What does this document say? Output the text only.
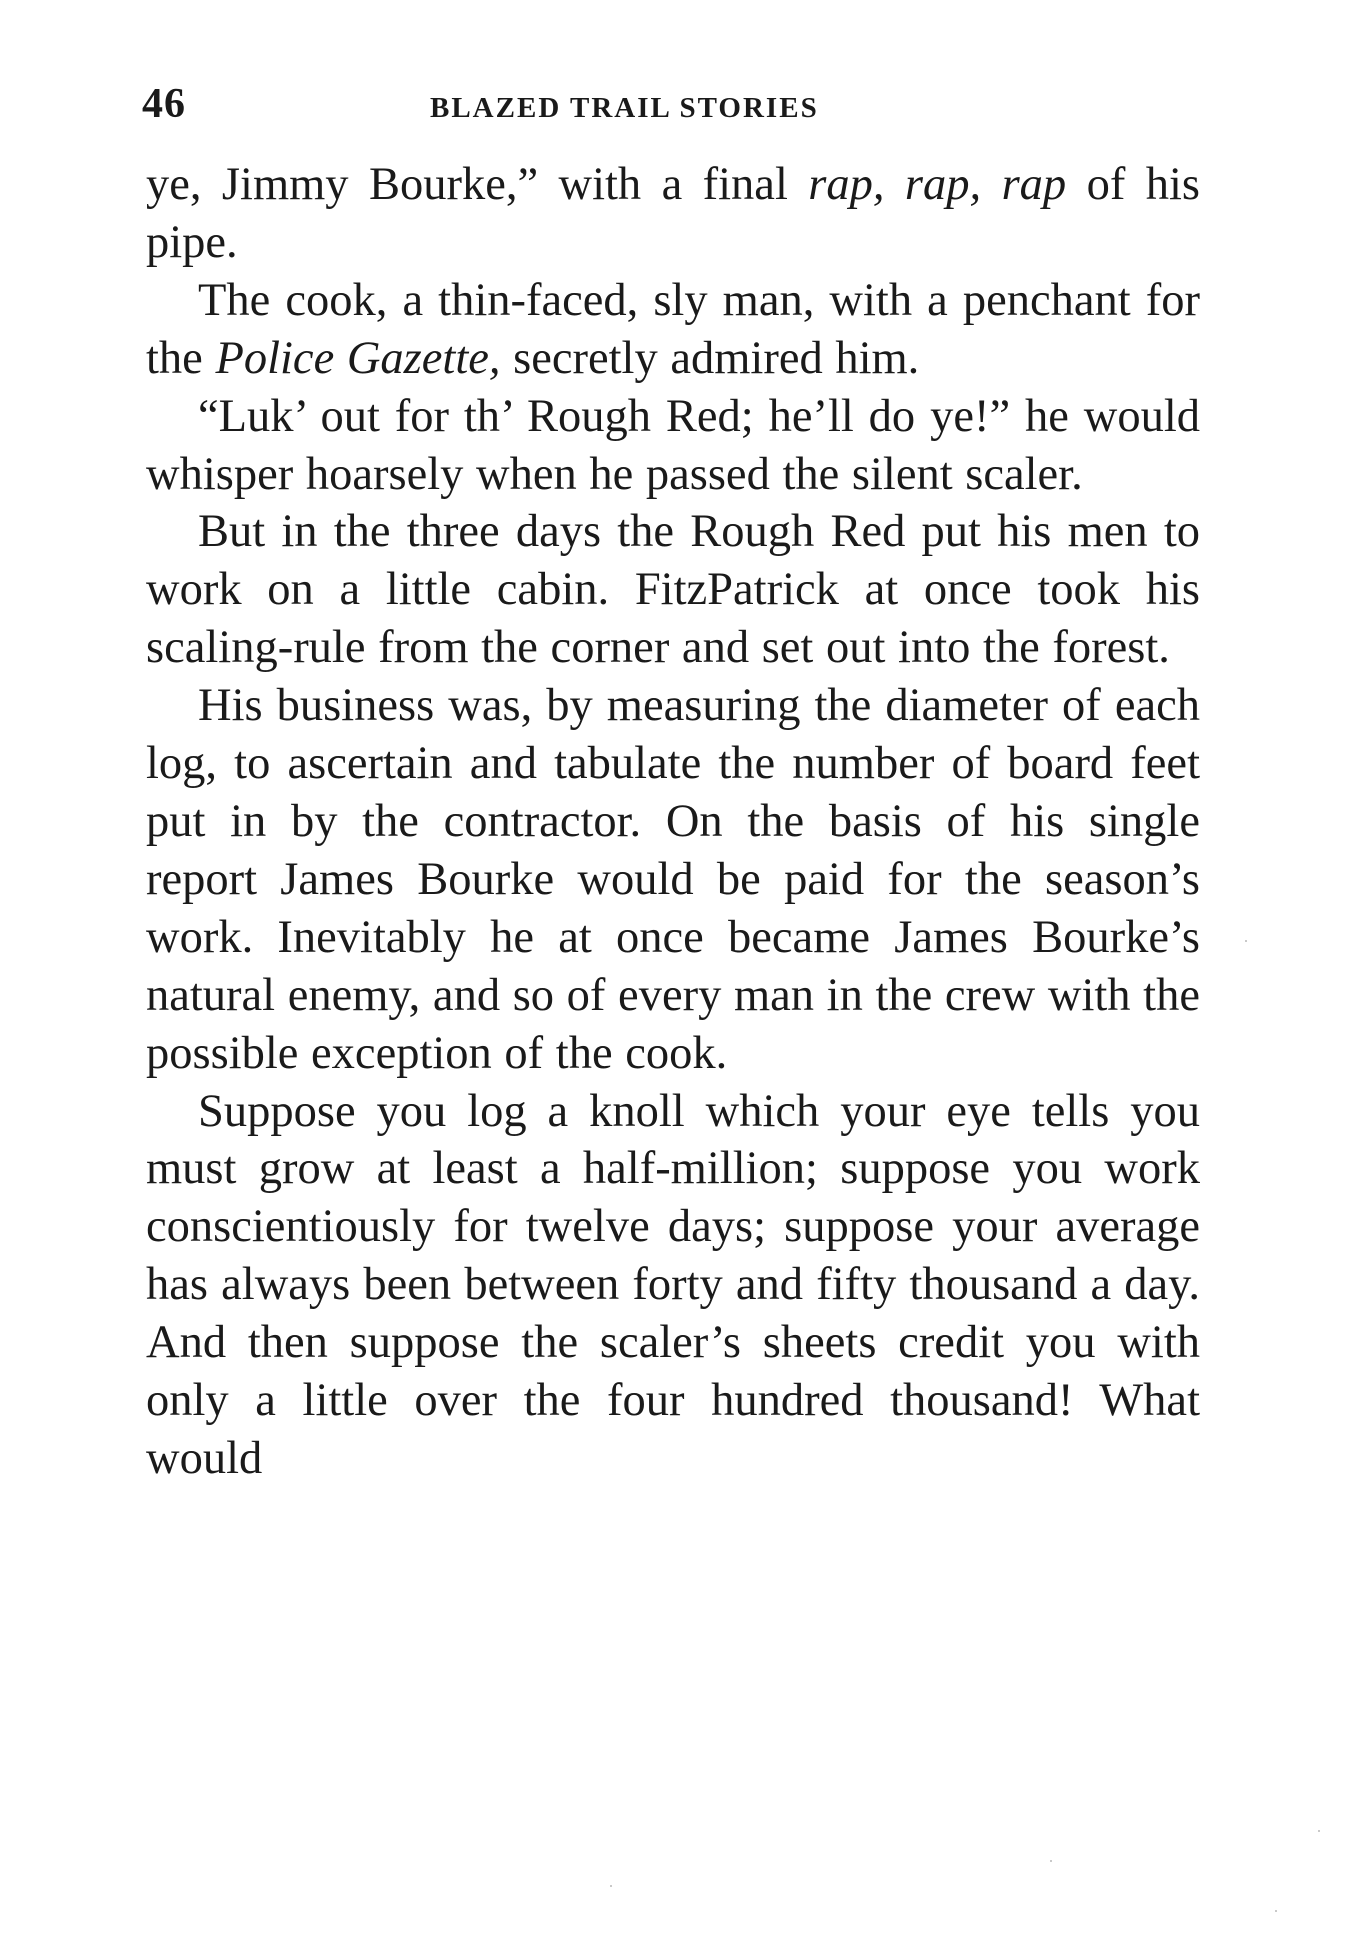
46	BLAZED TRAIL STORIES

ye, Jimmy Bourke,” with a final rap, rap, rap of his pipe.

The cook, a thin-faced, sly man, with a penchant for the Police Gazette, secretly admired him.

“Luk’ out for th’ Rough Red; he’ll do ye!” he would whisper hoarsely when he passed the silent scaler.

But in the three days the Rough Red put his men to work on a little cabin. FitzPatrick at once took his scaling-rule from the corner and set out into the forest.

His business was, by measuring the diameter of each log, to ascertain and tabulate the number of board feet put in by the contractor. On the basis of his single report James Bourke would be paid for the season’s work. Inevitably he at once became James Bourke’s natural enemy, and so of every man in the crew with the possible exception of the cook.

Suppose you log a knoll which your eye tells you must grow at least a half-million; suppose you work conscientiously for twelve days; suppose your average has always been between forty and fifty thousand a day. And then suppose the scaler’s sheets credit you with only a little over the four hundred thousand! What would
